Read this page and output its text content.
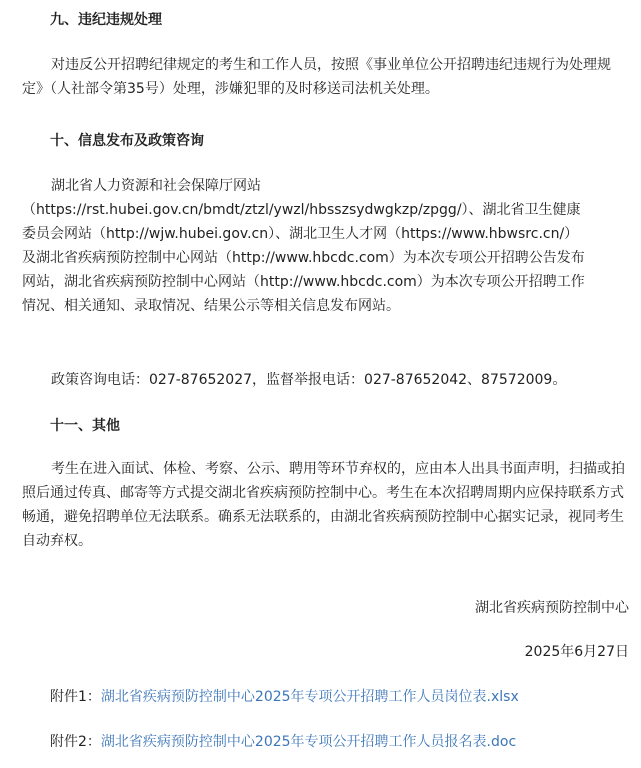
九、违纪违规处理

对违反公开招聘纪律规定的考生和工作人员，按照《事业单位公开招聘违纪违规行为处理规定》（人社部令第35号）处理，涉嫌犯罪的及时移送司法机关处理。

十、信息发布及政策咨询
湖北省人力资源和社会保障厅网站
（https://rst.hubei.gov.cn/bmdt/ztzl/ywzl/hbsszsydwgkzp/zpgg/）、湖北省卫生健康
委员会网站（http://wjw.hubei.gov.cn）、湖北卫生人才网（https://www.hbwsrc.cn/）
及湖北省疾病预防控制中心网站（http://www.hbcdc.com）为本次专项公开招聘公告发布
网站，湖北省疾病预防控制中心网站（http://www.hbcdc.com）为本次专项公开招聘工作
情况、相关通知、录取情况、结果公示等相关信息发布网站。

政策咨询电话：027-87652027，监督举报电话：027-87652042、87572009。

十一、其他

考生在进入面试、体检、考察、公示、聘用等环节弃权的，应由本人出具书面声明，扫描或拍照后通过传真、邮寄等方式提交湖北省疾病预防控制中心。考生在本次招聘周期内应保持联系方式畅通，避免招聘单位无法联系。确系无法联系的，由湖北省疾病预防控制中心据实记录，视同考生自动弃权。

湖北省疾病预防控制中心

2025年6月27日

附件1：湖北省疾病预防控制中心2025年专项公开招聘工作人员岗位表.xlsx

附件2：湖北省疾病预防控制中心2025年专项公开招聘工作人员报名表.doc
